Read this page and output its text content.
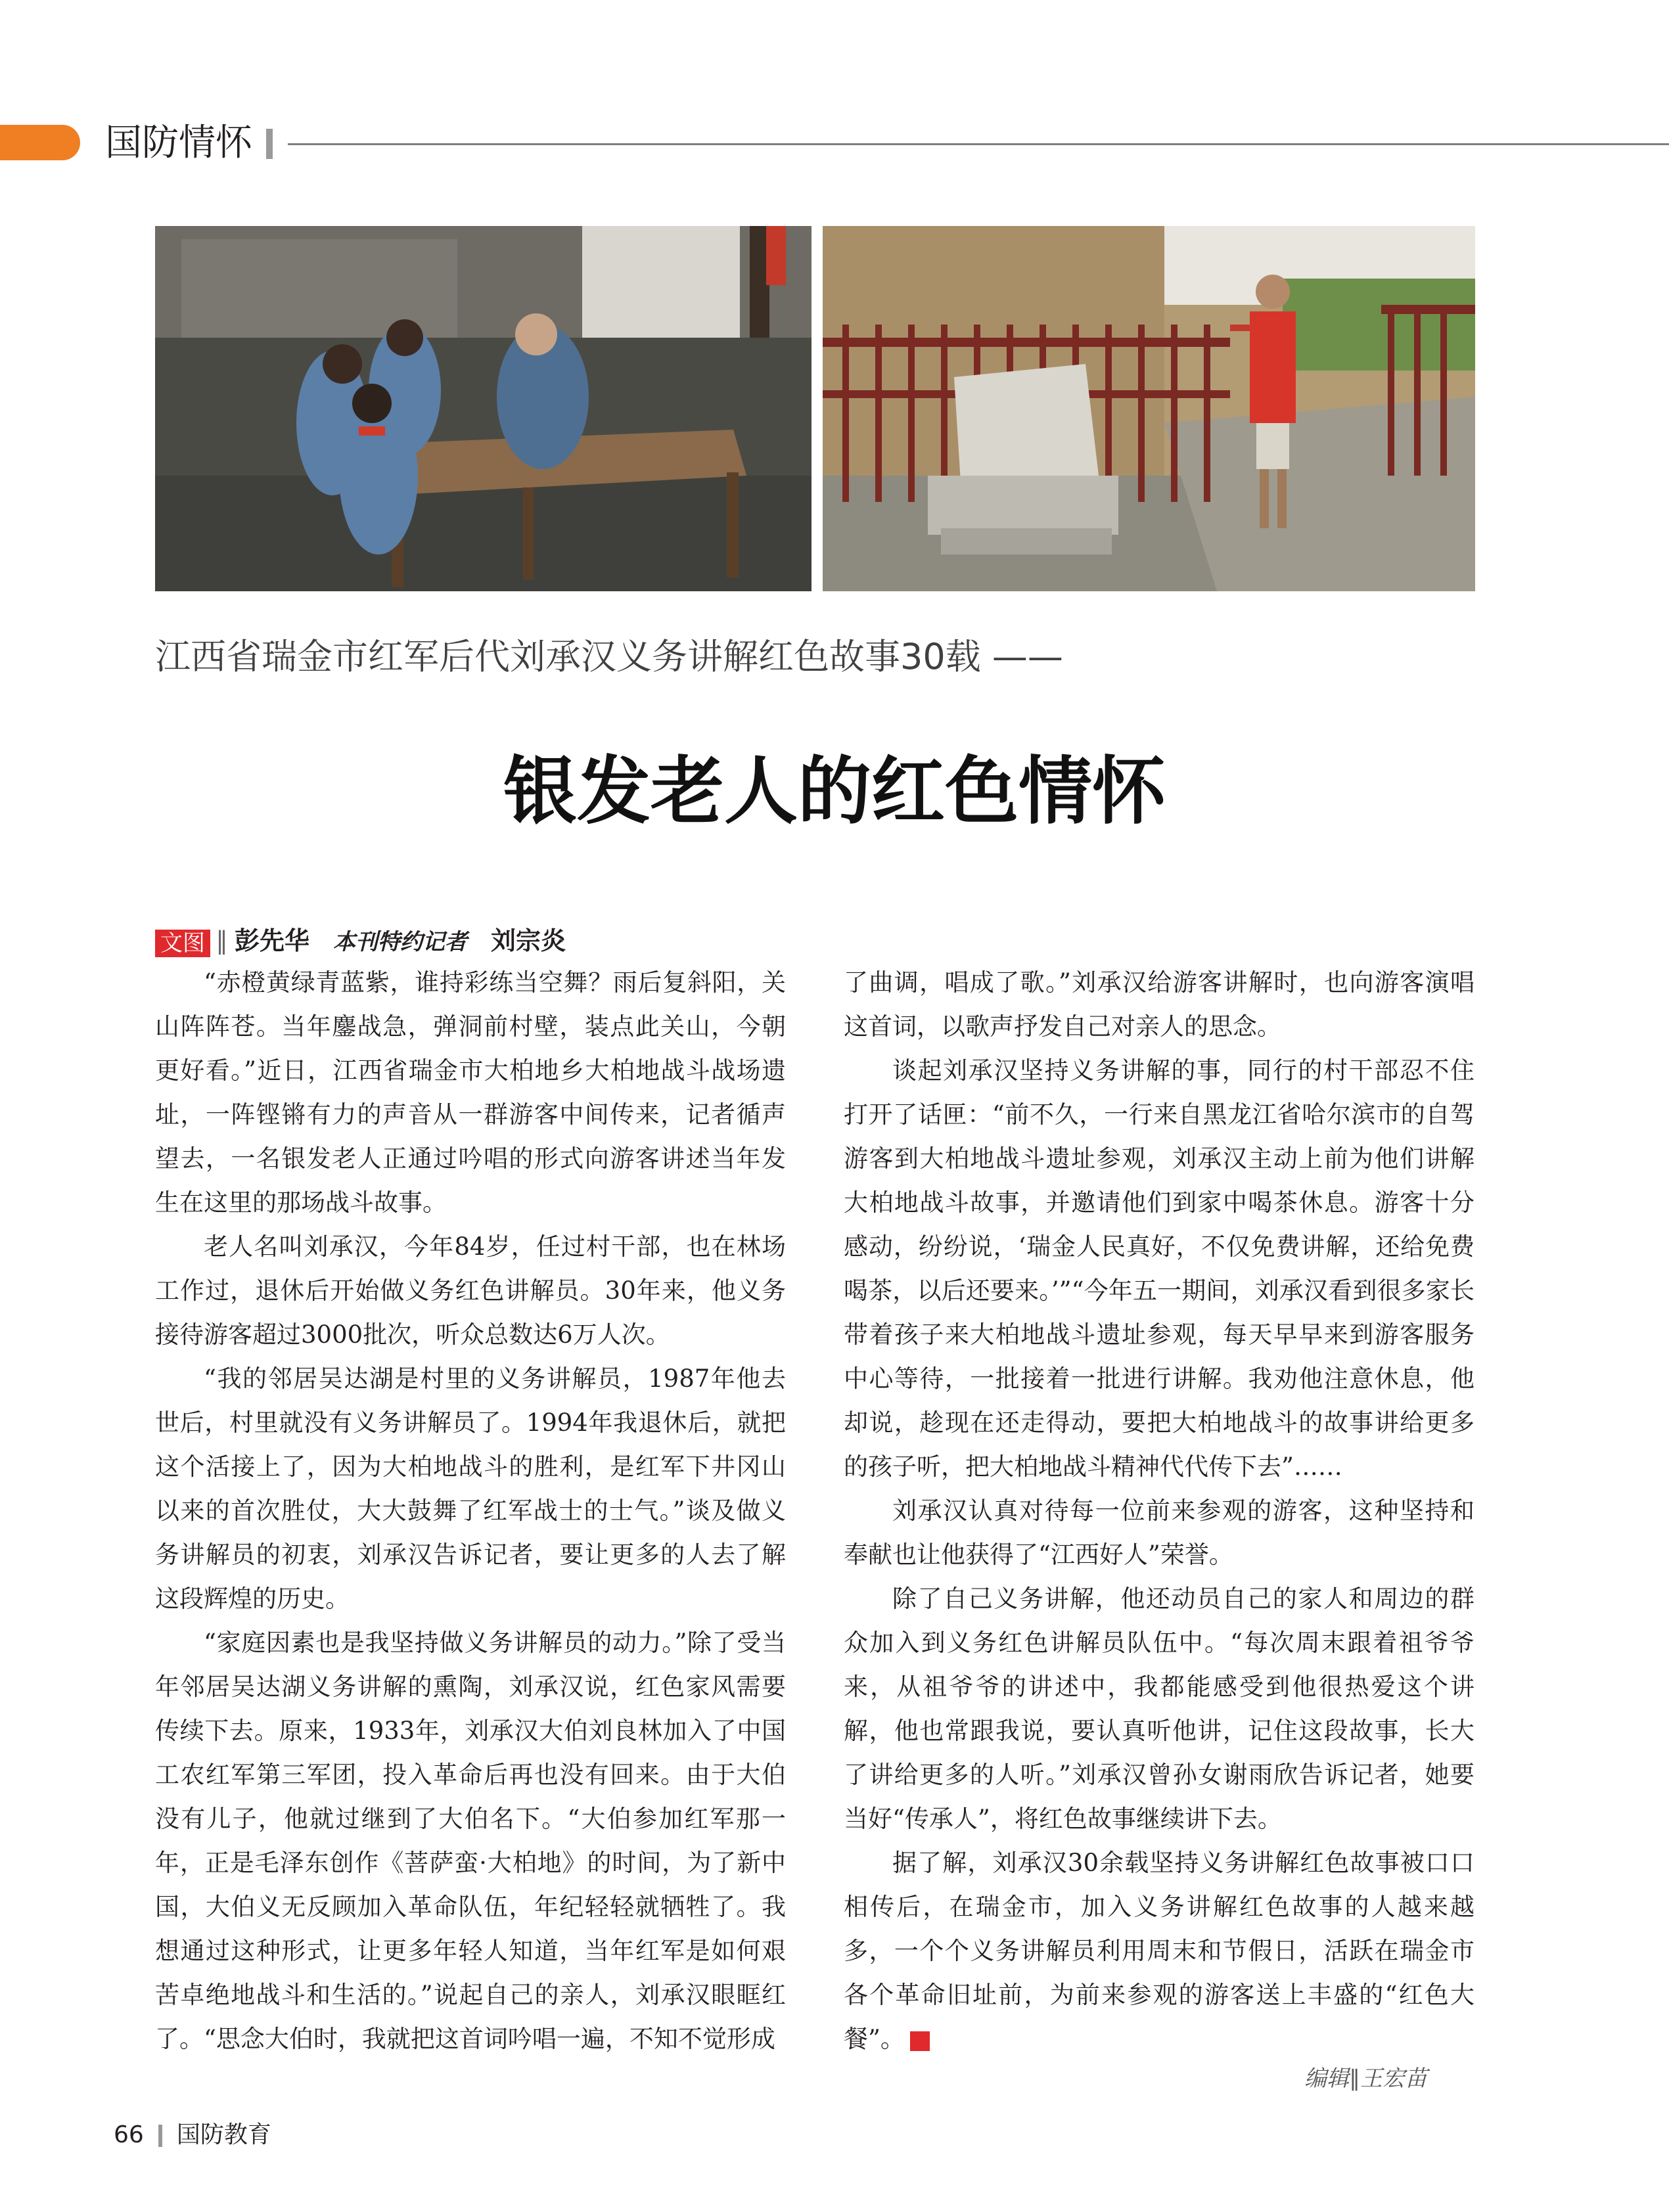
国防情怀
江西省瑞金市红军后代刘承汉义务讲解红色故事30载 ——
银发老人的红色情怀
文图 ∥ 彭先华 本刊特约记者 刘宗炎

“赤橙黄绿青蓝紫，谁持彩练当空舞？雨后复斜阳，关山阵阵苍。当年鏖战急，弹洞前村壁，装点此关山，今朝更好看。”近日，江西省瑞金市大柏地乡大柏地战斗战场遗址，一阵铿锵有力的声音从一群游客中间传来，记者循声望去，一名银发老人正通过吟唱的形式向游客讲述当年发生在这里的那场战斗故事。

老人名叫刘承汉，今年84岁，任过村干部，也在林场工作过，退休后开始做义务红色讲解员。30年来，他义务接待游客超过3000批次，听众总数达6万人次。

“我的邻居吴达湖是村里的义务讲解员，1987年他去世后，村里就没有义务讲解员了。1994年我退休后，就把这个活接上了，因为大柏地战斗的胜利，是红军下井冈山以来的首次胜仗，大大鼓舞了红军战士的士气。”谈及做义务讲解员的初衷，刘承汉告诉记者，要让更多的人去了解这段辉煌的历史。

“家庭因素也是我坚持做义务讲解员的动力。”除了受当年邻居吴达湖义务讲解的熏陶，刘承汉说，红色家风需要传续下去。原来，1933年，刘承汉大伯刘良林加入了中国工农红军第三军团，投入革命后再也没有回来。由于大伯没有儿子，他就过继到了大伯名下。“大伯参加红军那一年，正是毛泽东创作《菩萨蛮·大柏地》的时间，为了新中国，大伯义无反顾加入革命队伍，年纪轻轻就牺牲了。我想通过这种形式，让更多年轻人知道，当年红军是如何艰苦卓绝地战斗和生活的。”说起自己的亲人，刘承汉眼眶红了。“思念大伯时，我就把这首词吟唱一遍，不知不觉形成

了曲调，唱成了歌。”刘承汉给游客讲解时，也向游客演唱这首词，以歌声抒发自己对亲人的思念。

谈起刘承汉坚持义务讲解的事，同行的村干部忍不住打开了话匣：“前不久，一行来自黑龙江省哈尔滨市的自驾游客到大柏地战斗遗址参观，刘承汉主动上前为他们讲解大柏地战斗故事，并邀请他们到家中喝茶休息。游客十分感动，纷纷说，‘瑞金人民真好，不仅免费讲解，还给免费喝茶，以后还要来。’”“今年五一期间，刘承汉看到很多家长带着孩子来大柏地战斗遗址参观，每天早早来到游客服务中心等待，一批接着一批进行讲解。我劝他注意休息，他却说，趁现在还走得动，要把大柏地战斗的故事讲给更多的孩子听，把大柏地战斗精神代代传下去”……

刘承汉认真对待每一位前来参观的游客，这种坚持和奉献也让他获得了“江西好人”荣誉。

除了自己义务讲解，他还动员自己的家人和周边的群众加入到义务红色讲解员队伍中。“每次周末跟着祖爷爷来，从祖爷爷的讲述中，我都能感受到他很热爱这个讲解，他也常跟我说，要认真听他讲，记住这段故事，长大了讲给更多的人听。”刘承汉曾孙女谢雨欣告诉记者，她要当好“传承人”，将红色故事继续讲下去。

据了解，刘承汉30余载坚持义务讲解红色故事被口口相传后，在瑞金市，加入义务讲解红色故事的人越来越多，一个个义务讲解员利用周末和节假日，活跃在瑞金市各个革命旧址前，为前来参观的游客送上丰盛的“红色大餐”。	G

编辑∥王宏苗
66 国防教育
